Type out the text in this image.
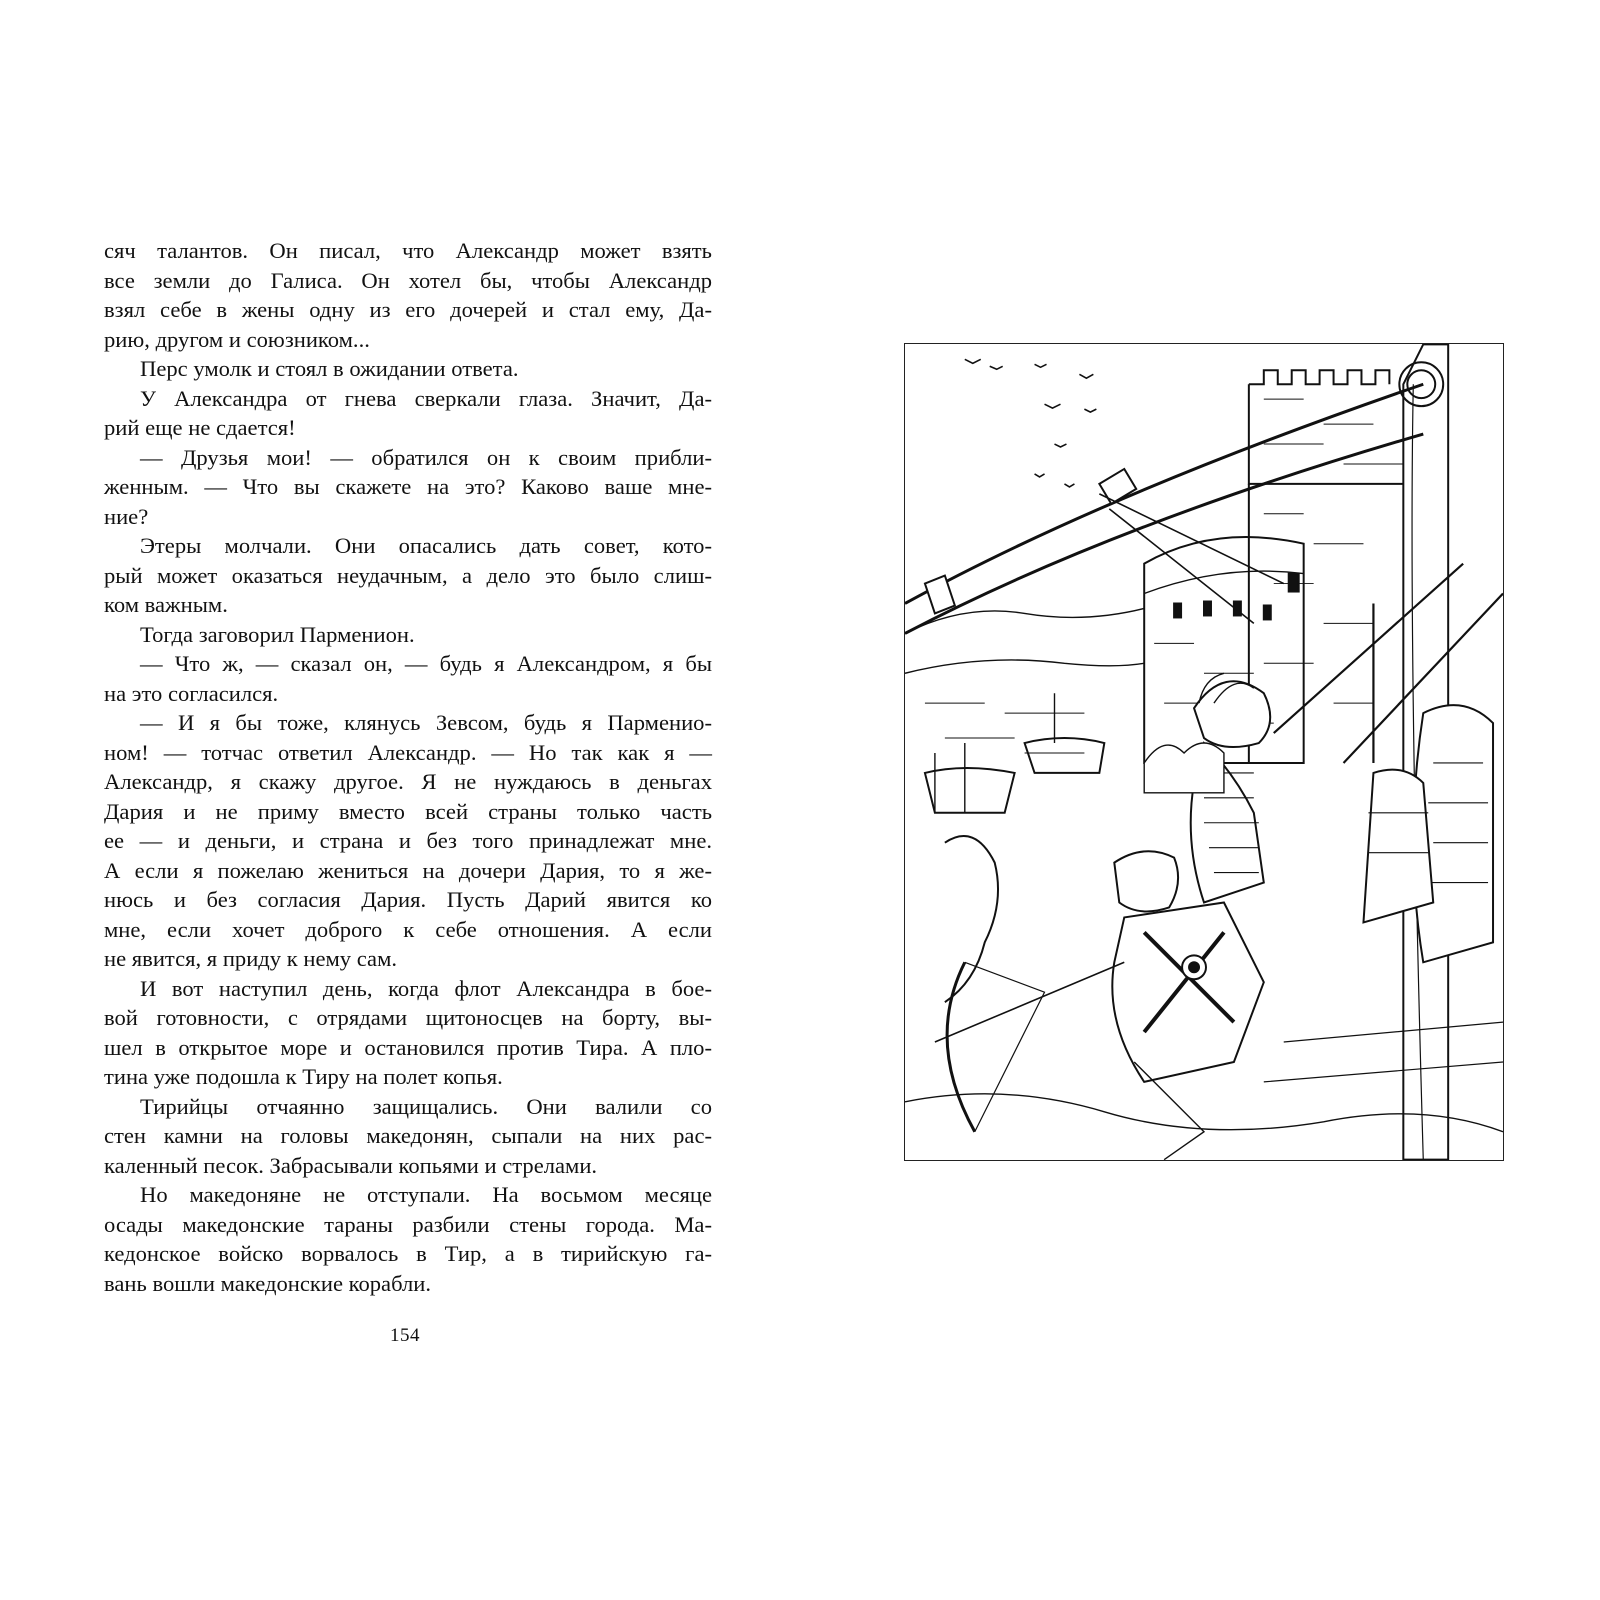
сяч талантов. Он писал, что Александр может взять
все земли до Галиса. Он хотел бы, чтобы Александр
взял себе в жены одну из его дочерей и стал ему, Да-
рию, другом и союзником...
Перс умолк и стоял в ожидании ответа.
У Александра от гнева сверкали глаза. Значит, Да-
рий еще не сдается!
— Друзья мои! — обратился он к своим прибли-
женным. — Что вы скажете на это? Каково ваше мне-
ние?
Этеры молчали. Они опасались дать совет, кото-
рый может оказаться неудачным, а дело это было слиш-
ком важным.
Тогда заговорил Парменион.
— Что ж, — сказал он, — будь я Александром, я бы
на это согласился.
— И я бы тоже, клянусь Зевсом, будь я Парменио-
ном! — тотчас ответил Александр. — Но так как я —
Александр, я скажу другое. Я не нуждаюсь в деньгах
Дария и не приму вместо всей страны только часть
ее — и деньги, и страна и без того принадлежат мне.
А если я пожелаю жениться на дочери Дария, то я же-
нюсь и без согласия Дария. Пусть Дарий явится ко
мне, если хочет доброго к себе отношения. А если
не явится, я приду к нему сам.
И вот наступил день, когда флот Александра в бое-
вой готовности, с отрядами щитоносцев на борту, вы-
шел в открытое море и остановился против Тира. А пло-
тина уже подошла к Тиру на полет копья.
Тирийцы отчаянно защищались. Они валили со
стен камни на головы македонян, сыпали на них рас-
каленный песок. Забрасывали копьями и стрелами.
Но македоняне не отступали. На восьмом месяце
осады македонские тараны разбили стены города. Ма-
кедонское войско ворвалось в Тир, а в тирийскую га-
вань вошли македонские корабли.
154
